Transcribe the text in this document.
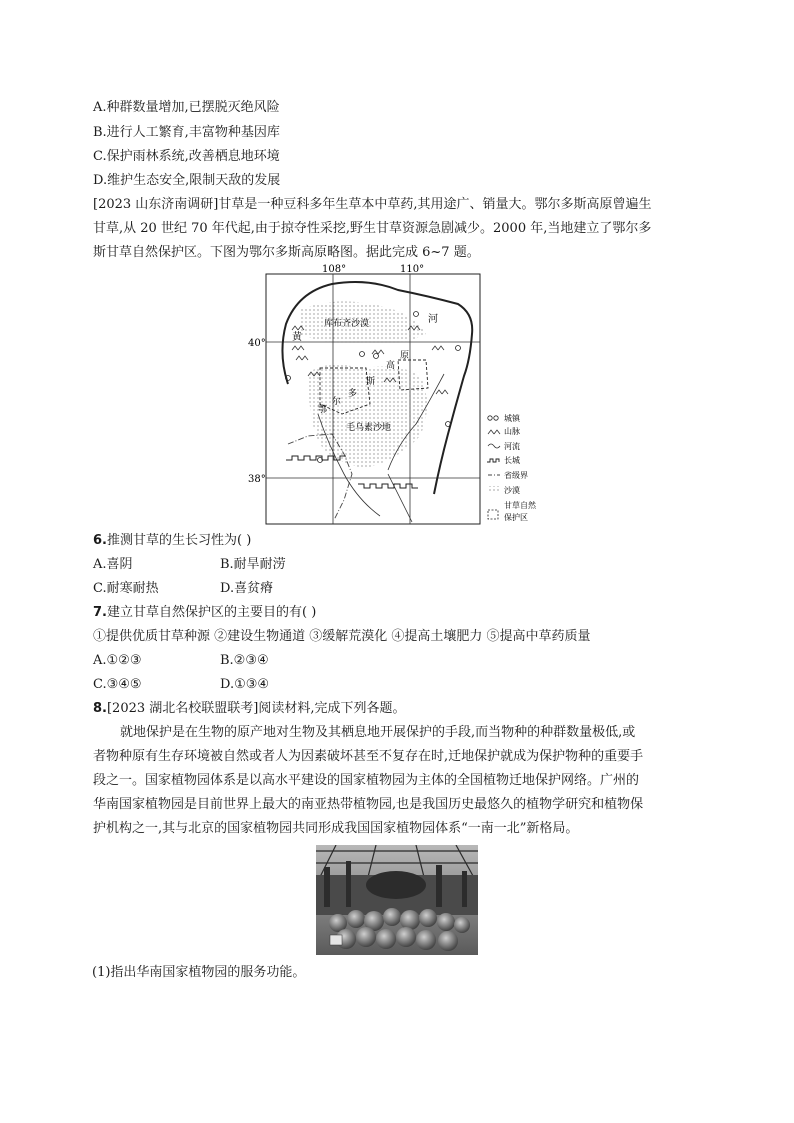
A.种群数量增加,已摆脱灭绝风险
B.进行人工繁育,丰富物种基因库
C.保护雨林系统,改善栖息地环境
D.维护生态安全,限制天敌的发展
[2023 山东济南调研]甘草是一种豆科多年生草本中草药,其用途广、销量大。鄂尔多斯高原曾遍生
甘草,从 20 世纪 70 年代起,由于掠夺性采挖,野生甘草资源急剧减少。2000 年,当地建立了鄂尔多
斯甘草自然保护区。下图为鄂尔多斯高原略图。据此完成 6~7 题。
108°	110°
40°
38°
库布齐沙漠	河
黄
鄂
尔
多
斯
高
原
毛乌素沙地
城镇
山脉
河流
长城
省级界
沙漠
甘草自然
保护区
6.推测甘草的生长习性为( )
A.喜阴	B.耐旱耐涝
C.耐寒耐热	D.喜贫瘠
7.建立甘草自然保护区的主要目的有( )
①提供优质甘草种源 ②建设生物通道 ③缓解荒漠化 ④提高土壤肥力 ⑤提高中草药质量
A.①②③	B.②③④
C.③④⑤	D.①③④
8.[2023 湖北名校联盟联考]阅读材料,完成下列各题。
就地保护是在生物的原产地对生物及其栖息地开展保护的手段,而当物种的种群数量极低,或
者物种原有生存环境被自然或者人为因素破坏甚至不复存在时,迁地保护就成为保护物种的重要手
段之一。国家植物园体系是以高水平建设的国家植物园为主体的全国植物迁地保护网络。广州的
华南国家植物园是目前世界上最大的南亚热带植物园,也是我国历史最悠久的植物学研究和植物保
护机构之一,其与北京的国家植物园共同形成我国国家植物园体系“一南一北”新格局。
(1)指出华南国家植物园的服务功能。
